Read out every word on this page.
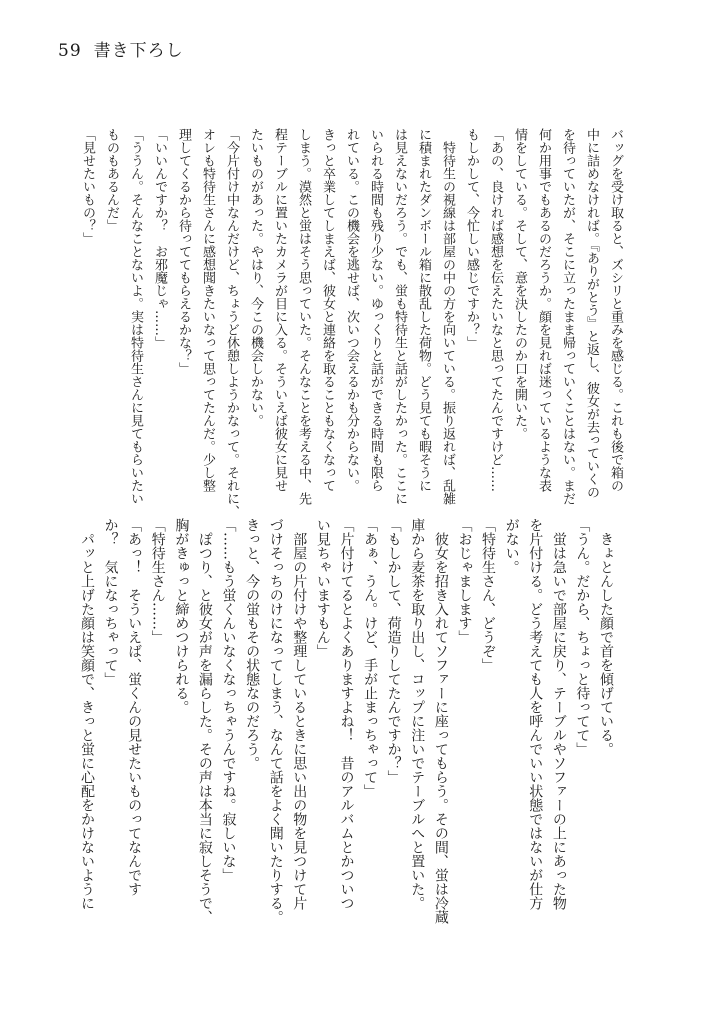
59 書き下ろし
バッグを受け取ると、ズシリと重みを感じる。これも後で箱の
中に詰めなければ。『ありがとう』と返し、彼女が去っていくの
を待っていたが、そこに立ったまま帰っていくことはない。まだ
何か用事でもあるのだろうか。顔を見れば迷っているような表
情をしている。そして、意を決したのか口を開いた。
「あの、良ければ感想を伝えたいなと思ってたんですけど……
もしかして、今忙しい感じですか？」
　特待生の視線は部屋の中の方を向いている。振り返れば、乱雑
に積まれたダンボール箱に散乱した荷物。どう見ても暇そうに
は見えないだろう。でも、蛍も特待生と話がしたかった。ここに
いられる時間も残り少ない。ゆっくりと話ができる時間も限ら
れている。この機会を逃せば、次いつ会えるかも分からない。
きっと卒業してしまえば、彼女と連絡を取ることもなくなって
しまう。漠然と蛍はそう思っていた。そんなことを考える中、先
程テーブルに置いたカメラが目に入る。そういえば彼女に見せ
たいものがあった。やはり、今この機会しかない。
「今片付け中なんだけど、ちょうど休憩しようかなって。それに、
オレも特待生さんに感想聞きたいなって思ってたんだ。少し整
理してくるから待っててもらえるかな？」
「いいんですか？　お邪魔じゃ……」
「ううん。そんなことないよ。実は特待生さんに見てもらいたい
ものもあるんだ」
「見せたいもの？」
　きょとんした顔で首を傾げている。
「うん。だから、ちょっと待ってて」
　蛍は急いで部屋に戻り、テーブルやソファーの上にあった物
を片付ける。どう考えても人を呼んでいい状態ではないが仕方
がない。
「特待生さん、どうぞ」
「おじゃまします」
　彼女を招き入れてソファーに座ってもらう。その間、蛍は冷蔵
庫から麦茶を取り出し、コップに注いでテーブルへと置いた。
「もしかして、荷造りしてたんですか？」
「あぁ、うん。けど、手が止まっちゃって」
「片付けてるとよくありますよね！　昔のアルバムとかついつ
い見ちゃいますもん」
　部屋の片付けや整理しているときに思い出の物を見つけて片
づけそっちのけになってしまう、なんて話をよく聞いたりする。
きっと、今の蛍もその状態なのだろう。
「……もう蛍くんいなくなっちゃうんですね。寂しいな」
　ぽつり、と彼女が声を漏らした。その声は本当に寂しそうで、
胸がきゅっと締めつけられる。
「特待生さん……」
「あっ！　そういえば、蛍くんの見せたいものってなんです
か？　気になっちゃって」
　パッと上げた顔は笑顔で、きっと蛍に心配をかけないように
